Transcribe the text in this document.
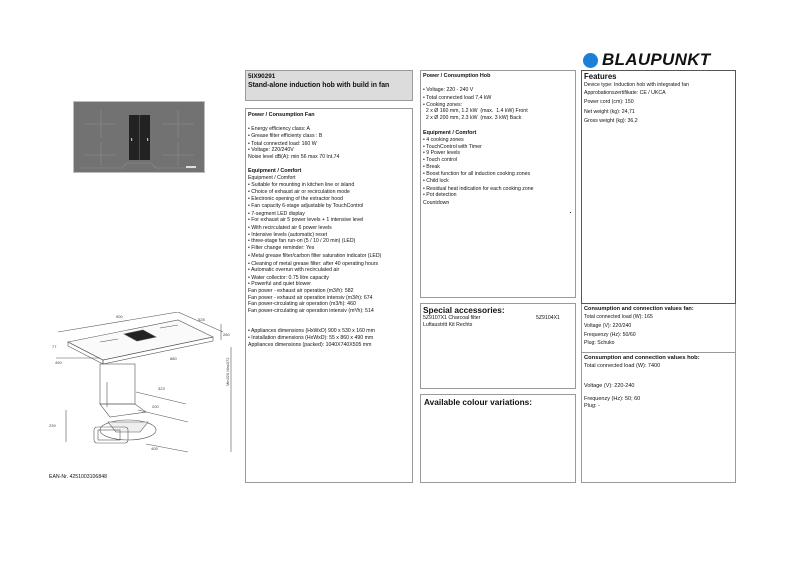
BLAUPUNKT
900
528
280
77
490
880
323
200
239
405
Min320 Max372
EAN-Nr. 4251003106848
5IX90291
Stand-alone induction hob with build in fan
Power / Consumption Fan
• Energy efficiency class: A
• Grease filter efficienty class : B
• Total connected load: 160 W
• Voltage: 220/240V
Noise level dB(A): min 56 max 70 Int.74
Equipment / Comfort
Equipment / Comfort
• Suitable for mounting in kitchen line or island
• Choice of exhaust air or recirculation mode
• Electronic opening of the extractor hood
• Fan capacity 6-stage adjustable by TouchControl
• 7-segment LED display
• For exhaust air 5 power levels + 1 intensive level
• With recirculated air 6 power levels
• Intensive levels (automatic) reset
• three-stage fan run-on (5 / 10 / 20 min) (LED)
• Filter change reminder: Yes
• Metal grease filter/carbon filter saturation indicator (LED)
• Cleaning of metal grease filter: after 40 operating hours
• Automatic overrun with recirculated air
• Water collector: 0.75 litre capacity
• Powerful and quiet blower
Fan power - exhaust air operation (m3/h): 582
Fan power - exhaust air operation intensiv (m3/h): 674
Fan power-circulating air operation (m3/h): 460
Fan power-circulating air operation intensiv (m³/h): 514
• Appliances dimensions (HxWxD) 900 x 530 x 160 mm
• Installation dimensions (HxWxD): 55 x 860 x 490 mm
Appliances dimensions (packed): 1040X740X505 mm
Power / Consumption Hob
• Voltage: 220 - 240 V
• Total connected load 7,4 kW
• Cooking zones:
2 x Ø 160 mm, 1.2 kW  (max.  1.4 kW) Front
2 x Ø 200 mm, 2.3 kW  (max. 3 kW) Back
Equipment / Comfort
• 4 cooking zones
• TouchControl with Timer
• 9 Power levels
• Touch control
• Break
• Boost function for all induction cooking zones
• Child lock
• Residual heat indication for each cooking zone
• Pot detection
Countdown
Special accessories:
5Z9107X1 Charcoal filter	5Z9104X1
Luftaustritt Kit Rechts
Available colour variations:
Features
Device type: Induction hob with integrated fan
Approbationszertifikate: CE / UKCA
Power cord (cm): 150
Net weight (kg): 24,71
Gross weight (kg): 36,2
Consumption and connection values fan:
Total connected load (W): 165
Voltage (V): 220/240
Frequenzy (Hz): 50/60
Plug: Schuko
Consumption and connection values hob:
Total connected load (W): 7400
Voltage (V): 220-240
Frequenzy (Hz): 50; 60
Plug: -
